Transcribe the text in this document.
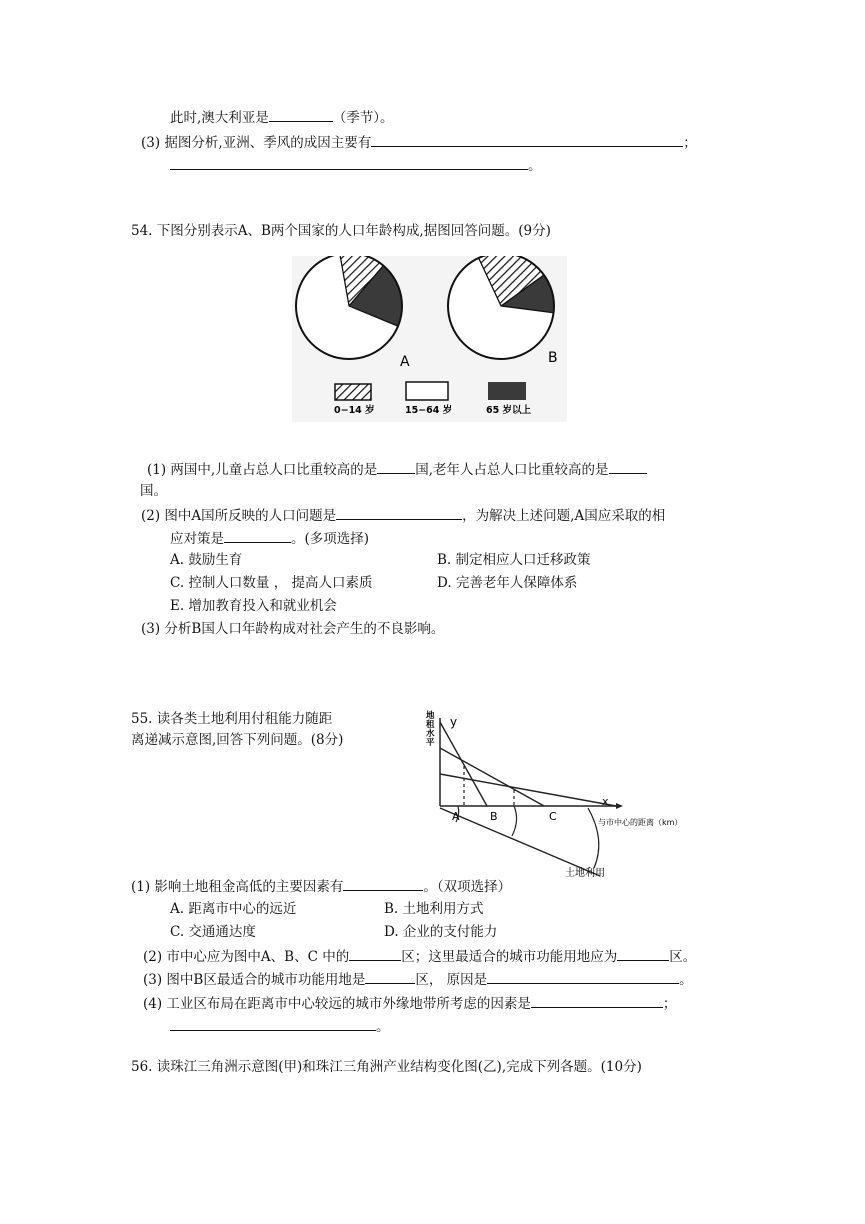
此时,澳大利亚是	（季节）。
(3) 据图分析,亚洲、季风的成因主要有	；
。
54. 下图分别表示A、B两个国家的人口年龄构成,据图回答问题。(9分)
A	B
0−14 岁	15−64 岁	65 岁以上
(1) 两国中,儿童占总人口比重较高的是	国,老年人占总人口比重较高的是
国。
(2) 图中A国所反映的人口问题是	，为解决上述问题,A国应采取的相
应对策是	。(多项选择)
A. 鼓励生育	B. 制定相应人口迁移政策
C. 控制人口数量 ， 提高人口素质	D. 完善老年人保障体系
E. 增加教育投入和就业机会
(3) 分析B国人口年龄构成对社会产生的不良影响。
55. 读各类土地利用付租能力随距
离递减示意图,回答下列问题。(8分)
y
x
地租水平
A	B	C	与市中心的距离（km）
土地利用
(1) 影响土地租金高低的主要因素有	。（双项选择）
A. 距离市中心的远近	B. 土地利用方式
C. 交通通达度	D. 企业的支付能力
(2) 市中心应为图中A、B、C 中的	区；这里最适合的城市功能用地应为	区。
(3) 图中B区最适合的城市功能用地是	区， 原因是	。
(4) 工业区布局在距离市中心较远的城市外缘地带所考虑的因素是	；
。
56. 读珠江三角洲示意图(甲)和珠江三角洲产业结构变化图(乙),完成下列各题。(10分)
